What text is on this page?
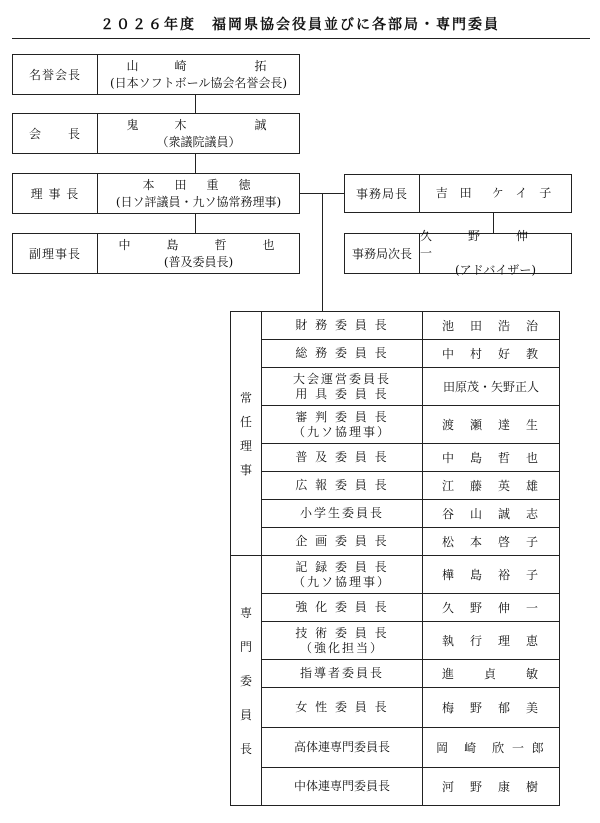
２０２６年度　福岡県協会役員並びに各部局・専門委員
名誉会長
山　　崎　　　　拓
(日本ソフトボール協会名誉会長)
会　　長
鬼　　木　　　　誠
（衆議院議員）
理 事 長
本　田　重　徳
(日ソ評議員・九ソ協常務理事)
副理事長
中　　島　　哲　　也
(普及委員長)
事務局長	吉 田　ケ イ 子
事務局次長
久　　野　　伸　　一
(アドバイザー)
常
任
理
事	財 務 委 員 長	池　田　浩　治
	総 務 委 員 長	中　村　好　教
	大会運営委員長
用 具 委 員 長	田原茂・矢野正人
	審 判 委 員 長
（九ソ協理事）	渡　瀬　達　生
	普 及 委 員 長	中　島　哲　也
	広 報 委 員 長	江　藤　英　雄
	小学生委員長	谷　山　誠　志
	企 画 委 員 長	松　本　啓　子
専
門
委
員
長	記 録 委 員 長
（九ソ協理事）	樺　島　裕　子
	強 化 委 員 長	久　野　伸　一
	技 術 委 員 長
（強化担当）	執　行　理　恵
	指導者委員長	進　　貞　　敏
	女 性 委 員 長	梅　野　郁　美
	高体連専門委員長	岡　崎　欣 一 郎
	中体連専門委員長	河　野　康　樹
